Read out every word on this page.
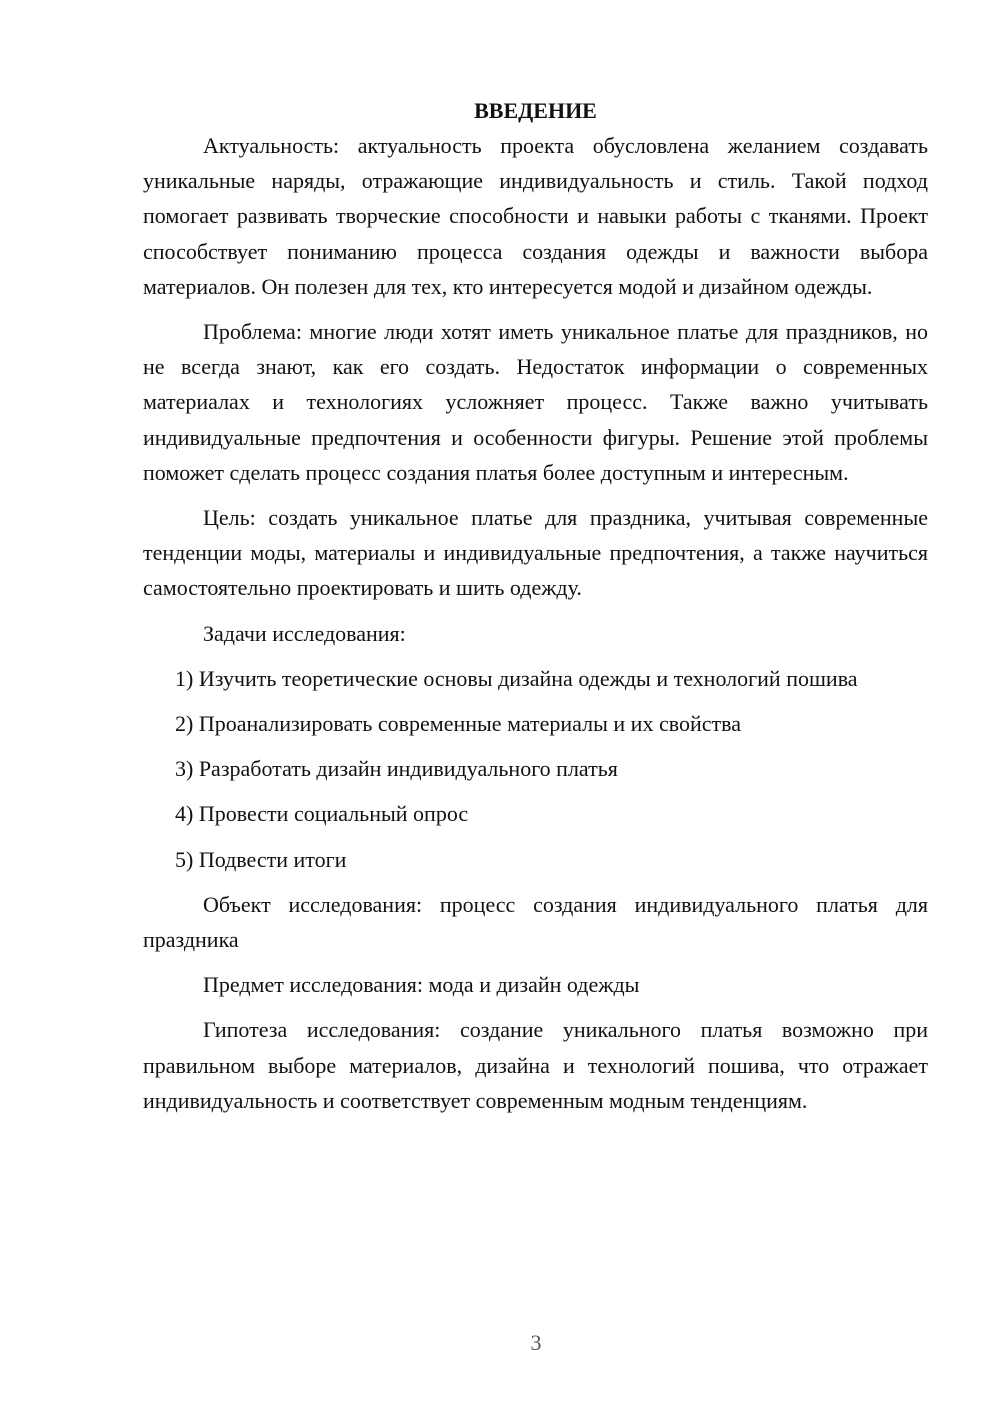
ВВЕДЕНИЕ

Актуальность: актуальность проекта обусловлена желанием создавать уникальные наряды, отражающие индивидуальность и стиль. Такой подход помогает развивать творческие способности и навыки работы с тканями. Проект способствует пониманию процесса создания одежды и важности выбора материалов. Он полезен для тех, кто интересуется модой и дизайном одежды.

Проблема: многие люди хотят иметь уникальное платье для праздников, но не всегда знают, как его создать. Недостаток информации о современных материалах и технологиях усложняет процесс. Также важно учитывать индивидуальные предпочтения и особенности фигуры. Решение этой проблемы поможет сделать процесс создания платья более доступным и интересным.

Цель: создать уникальное платье для праздника, учитывая современные тенденции моды, материалы и индивидуальные предпочтения, а также научиться самостоятельно проектировать и шить одежду.

Задачи исследования:

1) Изучить теоретические основы дизайна одежды и технологий пошива

2) Проанализировать современные материалы и их свойства

3) Разработать дизайн индивидуального платья

4) Провести социальный опрос

5) Подвести итоги

Объект исследования: процесс создания индивидуального платья для праздника

Предмет исследования: мода и дизайн одежды

Гипотеза исследования: создание уникального платья возможно при правильном выборе материалов, дизайна и технологий пошива, что отражает индивидуальность и соответствует современным модным тенденциям.

3
